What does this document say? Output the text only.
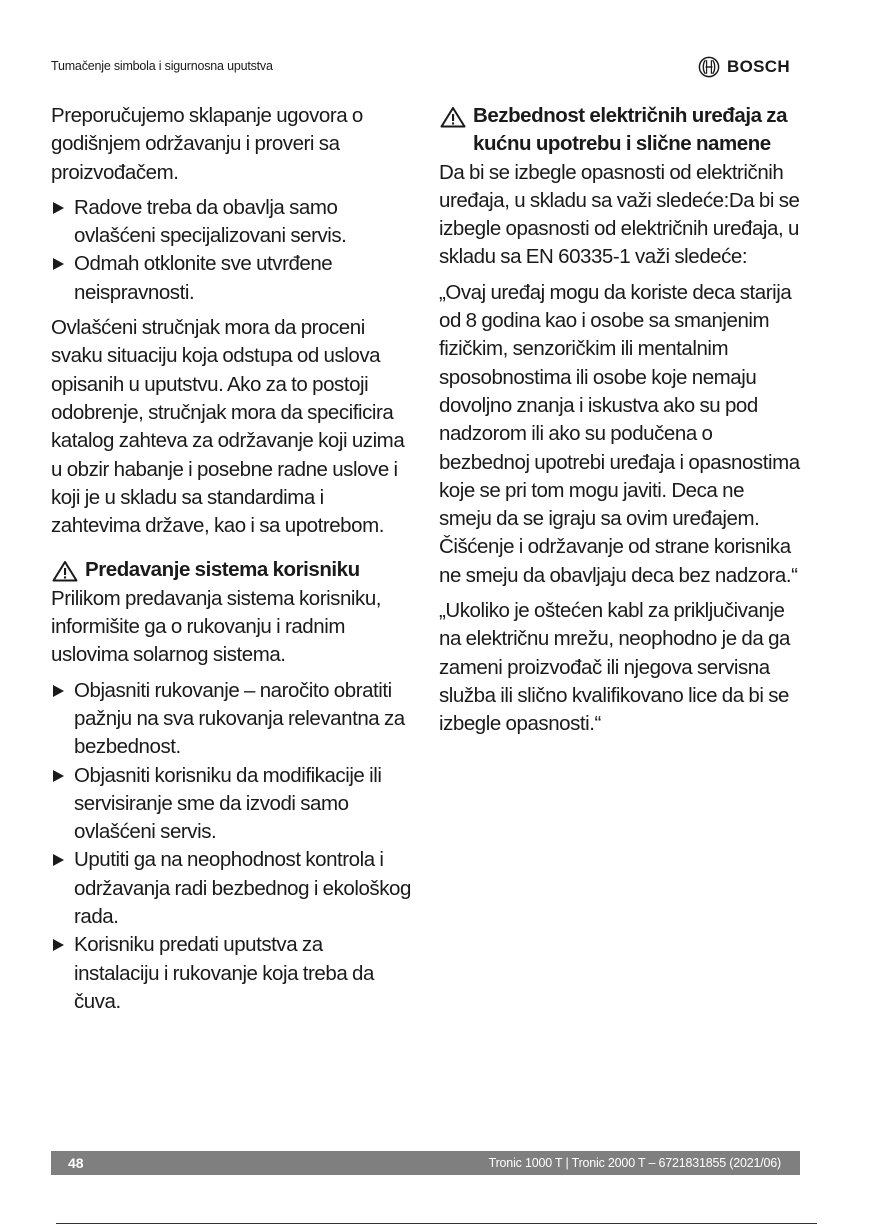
Tumačenje simbola i sigurnosna uputstva	BOSCH

Preporučujemo sklapanje ugovora o godišnjem održavanju i proveri sa proizvođačem.

Radove treba da obavlja samo ovlašćeni specijalizovani servis.
Odmah otklonite sve utvrđene neispravnosti.

Ovlašćeni stručnjak mora da proceni svaku situaciju koja odstupa od uslova opisanih u uputstvu. Ako za to postoji odobrenje, stručnjak mora da specificira katalog zahteva za održavanje koji uzima u obzir habanje i posebne radne uslove i koji je u skladu sa standardima i zahtevima države, kao i sa upotrebom.

Predavanje sistema korisniku

Prilikom predavanja sistema korisniku, informišite ga o rukovanju i radnim uslovima solarnog sistema.

Objasniti rukovanje – naročito obratiti pažnju na sva rukovanja relevantna za bezbednost.
Objasniti korisniku da modifikacije ili servisiranje sme da izvodi samo ovlašćeni servis.
Uputiti ga na neophodnost kontrola i održavanja radi bezbednog i ekološkog rada.
Korisniku predati uputstva za instalaciju i rukovanje koja treba da čuva.
Bezbednost električnih uređaja za kućnu upotrebu i slične namene

Da bi se izbegle opasnosti od električnih uređaja, u skladu sa važi sledeće:Da bi se izbegle opasnosti od električnih uređaja, u skladu sa EN 60335-1 važi sledeće:

„Ovaj uređaj mogu da koriste deca starija od 8 godina kao i osobe sa smanjenim fizičkim, senzoričkim ili mentalnim sposobnostima ili osobe koje nemaju dovoljno znanja i iskustva ako su pod nadzorom ili ako su podučena o bezbednoj upotrebi uređaja i opasnostima koje se pri tom mogu javiti. Deca ne smeju da se igraju sa ovim uređajem. Čišćenje i održavanje od strane korisnika ne smeju da obavljaju deca bez nadzora.“

„Ukoliko je oštećen kabl za priključivanje na električnu mrežu, neophodno je da ga zameni proizvođač ili njegova servisna služba ili slično kvalifikovano lice da bi se izbegle opasnosti.“

48	Tronic 1000 T | Tronic 2000 T – 6721831855 (2021/06)
